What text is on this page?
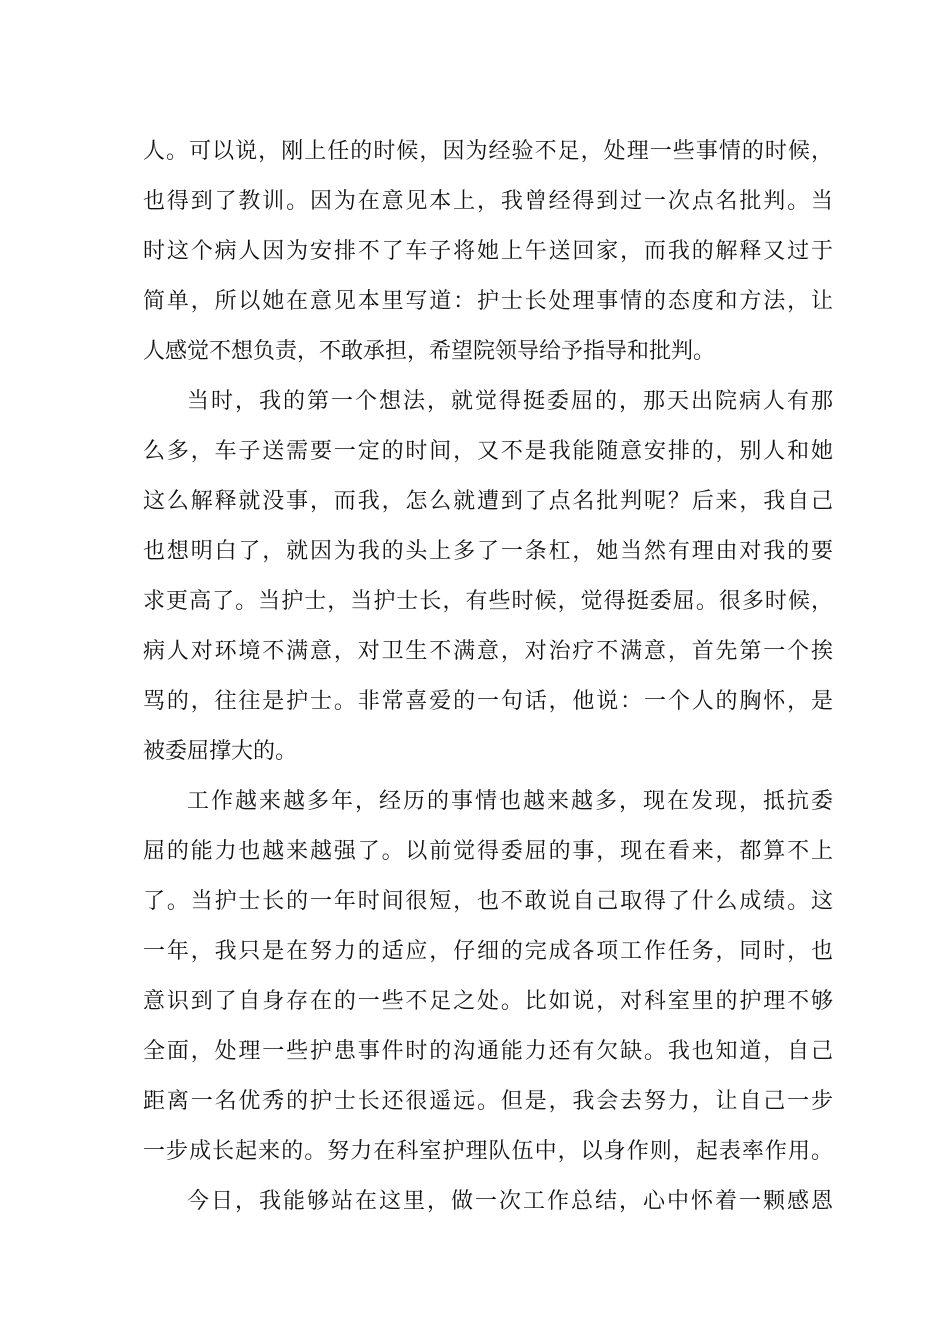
人。可以说，刚上任的时候，因为经验不足，处理一些事情的时候，
也得到了教训。因为在意见本上，我曾经得到过一次点名批判。当
时这个病人因为安排不了车子将她上午送回家，而我的解释又过于
简单，所以她在意见本里写道：护士长处理事情的态度和方法，让
人感觉不想负责，不敢承担，希望院领导给予指导和批判。
当时，我的第一个想法，就觉得挺委屈的，那天出院病人有那
么多，车子送需要一定的时间，又不是我能随意安排的，别人和她
这么解释就没事，而我，怎么就遭到了点名批判呢？后来，我自己
也想明白了，就因为我的头上多了一条杠，她当然有理由对我的要
求更高了。当护士，当护士长，有些时候，觉得挺委屈。很多时候，
病人对环境不满意，对卫生不满意，对治疗不满意，首先第一个挨
骂的，往往是护士。非常喜爱的一句话，他说：一个人的胸怀，是
被委屈撑大的。
工作越来越多年，经历的事情也越来越多，现在发现，抵抗委
屈的能力也越来越强了。以前觉得委屈的事，现在看来，都算不上
了。当护士长的一年时间很短，也不敢说自己取得了什么成绩。这
一年，我只是在努力的适应，仔细的完成各项工作任务，同时，也
意识到了自身存在的一些不足之处。比如说，对科室里的护理不够
全面，处理一些护患事件时的沟通能力还有欠缺。我也知道，自己
距离一名优秀的护士长还很遥远。但是，我会去努力，让自己一步
一步成长起来的。努力在科室护理队伍中，以身作则，起表率作用。
今日，我能够站在这里，做一次工作总结，心中怀着一颗感恩
